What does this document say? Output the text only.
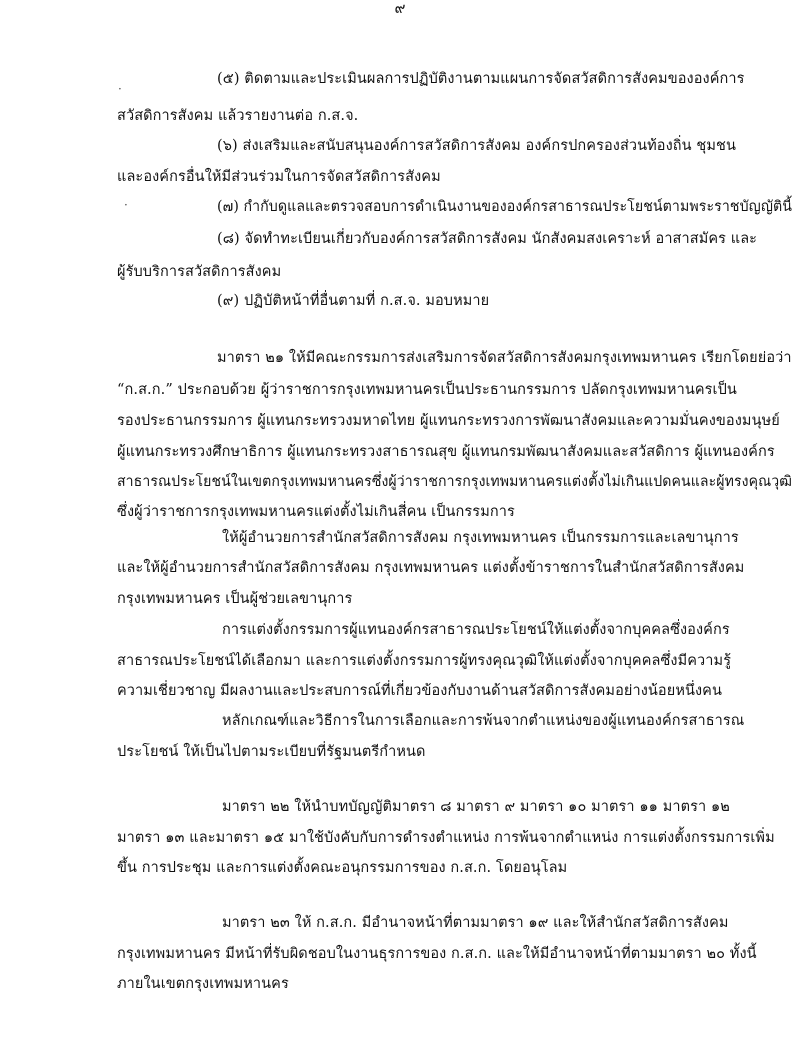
๙
·
·
(๕) ติดตามและประเมินผลการปฏิบัติงานตามแผนการจัดสวัสดิการสังคมขององค์การ
สวัสดิการสังคม แล้วรายงานต่อ ก.ส.จ.
(๖) ส่งเสริมและสนับสนุนองค์การสวัสดิการสังคม องค์กรปกครองส่วนท้องถิ่น ชุมชน
และองค์กรอื่นให้มีส่วนร่วมในการจัดสวัสดิการสังคม
(๗) กำกับดูแลและตรวจสอบการดำเนินงานขององค์กรสาธารณประโยชน์ตามพระราชบัญญัตินี้
(๘) จัดทำทะเบียนเกี่ยวกับองค์การสวัสดิการสังคม นักสังคมสงเคราะห์ อาสาสมัคร และ
ผู้รับบริการสวัสดิการสังคม
(๙) ปฏิบัติหน้าที่อื่นตามที่ ก.ส.จ. มอบหมาย
มาตรา ๒๑ ให้มีคณะกรรมการส่งเสริมการจัดสวัสดิการสังคมกรุงเทพมหานคร เรียกโดยย่อว่า
“ก.ส.ก.” ประกอบด้วย ผู้ว่าราชการกรุงเทพมหานครเป็นประธานกรรมการ ปลัดกรุงเทพมหานครเป็น
รองประธานกรรมการ ผู้แทนกระทรวงมหาดไทย ผู้แทนกระทรวงการพัฒนาสังคมและความมั่นคงของมนุษย์
ผู้แทนกระทรวงศึกษาธิการ ผู้แทนกระทรวงสาธารณสุข ผู้แทนกรมพัฒนาสังคมและสวัสดิการ ผู้แทนองค์กร
สาธารณประโยชน์ในเขตกรุงเทพมหานครซึ่งผู้ว่าราชการกรุงเทพมหานครแต่งตั้งไม่เกินแปดคนและผู้ทรงคุณวุฒิ
ซึ่งผู้ว่าราชการกรุงเทพมหานครแต่งตั้งไม่เกินสี่คน เป็นกรรมการ
ให้ผู้อำนวยการสำนักสวัสดิการสังคม กรุงเทพมหานคร เป็นกรรมการและเลขานุการ
และให้ผู้อำนวยการสำนักสวัสดิการสังคม กรุงเทพมหานคร แต่งตั้งข้าราชการในสำนักสวัสดิการสังคม
กรุงเทพมหานคร เป็นผู้ช่วยเลขานุการ
การแต่งตั้งกรรมการผู้แทนองค์กรสาธารณประโยชน์ให้แต่งตั้งจากบุคคลซึ่งองค์กร
สาธารณประโยชน์ได้เลือกมา และการแต่งตั้งกรรมการผู้ทรงคุณวุฒิให้แต่งตั้งจากบุคคลซึ่งมีความรู้
ความเชี่ยวชาญ มีผลงานและประสบการณ์ที่เกี่ยวข้องกับงานด้านสวัสดิการสังคมอย่างน้อยหนึ่งคน
หลักเกณฑ์และวิธีการในการเลือกและการพ้นจากตำแหน่งของผู้แทนองค์กรสาธารณ
ประโยชน์ ให้เป็นไปตามระเบียบที่รัฐมนตรีกำหนด
มาตรา ๒๒ ให้นำบทบัญญัติมาตรา ๘ มาตรา ๙ มาตรา ๑๐ มาตรา ๑๑ มาตรา ๑๒
มาตรา ๑๓ และมาตรา ๑๕ มาใช้บังคับกับการดำรงตำแหน่ง การพ้นจากตำแหน่ง การแต่งตั้งกรรมการเพิ่ม
ขึ้น การประชุม และการแต่งตั้งคณะอนุกรรมการของ ก.ส.ก. โดยอนุโลม
มาตรา ๒๓ ให้ ก.ส.ก. มีอำนาจหน้าที่ตามมาตรา ๑๙ และให้สำนักสวัสดิการสังคม
กรุงเทพมหานคร มีหน้าที่รับผิดชอบในงานธุรการของ ก.ส.ก. และให้มีอำนาจหน้าที่ตามมาตรา ๒๐ ทั้งนี้
ภายในเขตกรุงเทพมหานคร
